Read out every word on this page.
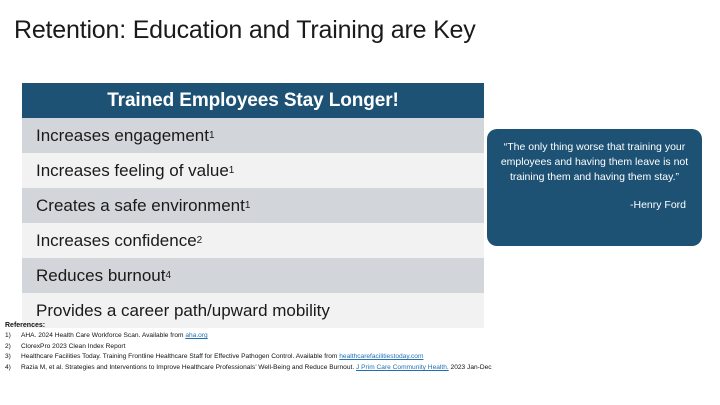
Retention: Education and Training are Key
Trained Employees Stay Longer!
Increases engagement 1
Increases feeling of value 1
Creates a safe environment 1
Increases confidence 2
Reduces burnout 4
Provides a career path/upward mobility

“The only thing worse that training your employees and having them leave is not training them and having them stay.”

-Henry Ford
References:
1)	AHA. 2024 Health Care Workforce Scan. Available from aha.org
2)	ClorexPro 2023 Clean Index Report
3)	Healthcare Facilities Today. Training Frontline Healthcare Staff for Effective Pathogen Control. Available from healthcarefacilitiestoday.com
4)	Razia M, et al. Strategies and Interventions to Improve Healthcare Professionals’ Well-Being and Reduce Burnout. J Prim Care Community Health. 2023 Jan-Dec
